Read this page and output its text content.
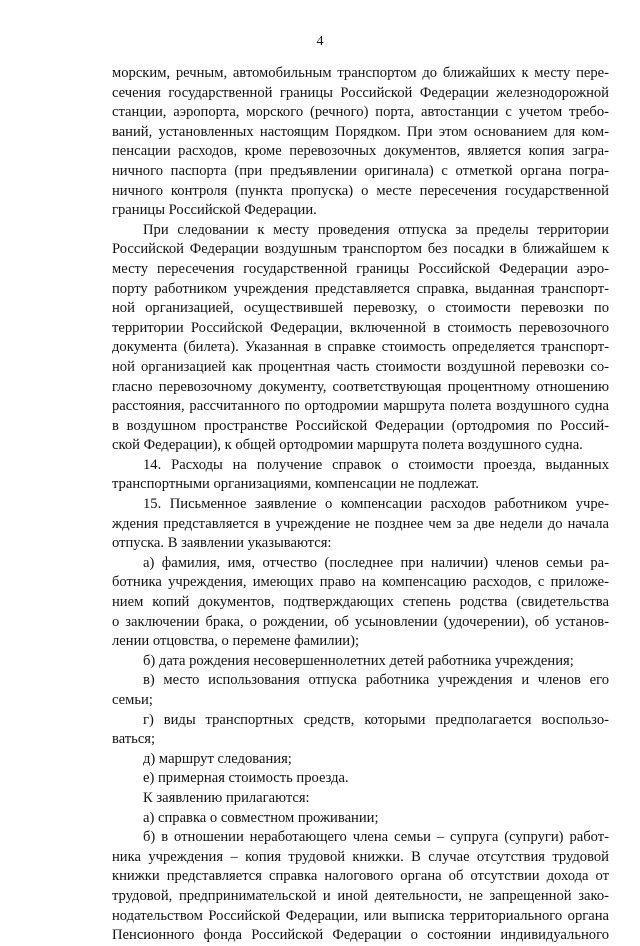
4
морским, речным, автомобильным транспортом до ближайших к месту пере-
сечения государственной границы Российской Федерации железнодорожной
станции, аэропорта, морского (речного) порта, автостанции с учетом требо-
ваний, установленных настоящим Порядком. При этом основанием для ком-
пенсации расходов, кроме перевозочных документов, является копия загра-
ничного паспорта (при предъявлении оригинала) с отметкой органа погра-
ничного контроля (пункта пропуска) о месте пересечения государственной
границы Российской Федерации.
При следовании к месту проведения отпуска за пределы территории
Российской Федерации воздушным транспортом без посадки в ближайшем к
месту пересечения государственной границы Российской Федерации аэро-
порту работником учреждения представляется справка, выданная транспорт-
ной организацией, осуществившей перевозку, о стоимости перевозки по
территории Российской Федерации, включенной в стоимость перевозочного
документа (билета). Указанная в справке стоимость определяется транспорт-
ной организацией как процентная часть стоимости воздушной перевозки со-
гласно перевозочному документу, соответствующая процентному отношению
расстояния, рассчитанного по ортодромии маршрута полета воздушного судна
в воздушном пространстве Российской Федерации (ортодромия по Россий-
ской Федерации), к общей ортодромии маршрута полета воздушного судна.
14. Расходы на получение справок о стоимости проезда, выданных
транспортными организациями, компенсации не подлежат.
15. Письменное заявление о компенсации расходов работником учре-
ждения представляется в учреждение не позднее чем за две недели до начала
отпуска. В заявлении указываются:
а) фамилия, имя, отчество (последнее при наличии) членов семьи ра-
ботника учреждения, имеющих право на компенсацию расходов, с приложе-
нием копий документов, подтверждающих степень родства (свидетельства
о заключении брака, о рождении, об усыновлении (удочерении), об установ-
лении отцовства, о перемене фамилии);
б) дата рождения несовершеннолетних детей работника учреждения;
в) место использования отпуска работника учреждения и членов его
семьи;
г) виды транспортных средств, которыми предполагается воспользо-
ваться;
д) маршрут следования;
е) примерная стоимость проезда.
К заявлению прилагаются:
а) справка о совместном проживании;
б) в отношении неработающего члена семьи – супруга (супруги) работ-
ника учреждения – копия трудовой книжки. В случае отсутствия трудовой
книжки представляется справка налогового органа об отсутствии дохода от
трудовой, предпринимательской и иной деятельности, не запрещенной зако-
нодательством Российской Федерации, или выписка территориального органа
Пенсионного фонда Российской Федерации о состоянии индивидуального
